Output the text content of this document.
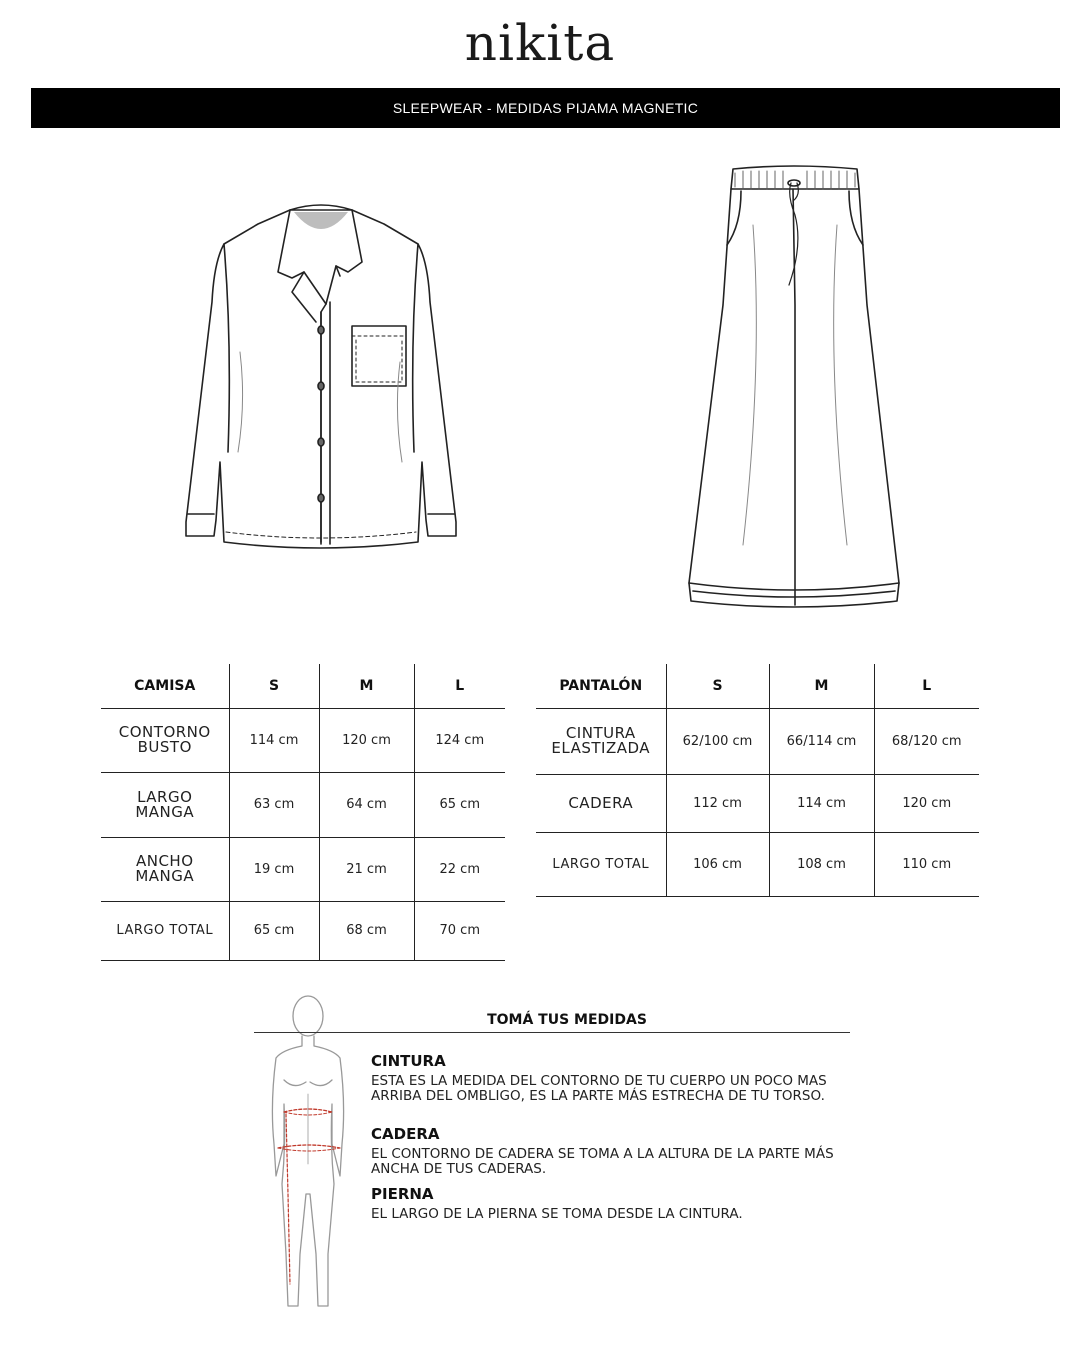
nikita
SLEEPWEAR - MEDIDAS PIJAMA MAGNETIC
CAMISA	S	M	L
CONTORNO BUSTO	114 cm	120 cm	124 cm
LARGO MANGA	63 cm	64 cm	65 cm
ANCHO MANGA	19 cm	21 cm	22 cm
LARGO TOTAL	65 cm	68 cm	70 cm
PANTALÓN	S	M	L
CINTURA ELASTIZADA	62/100 cm	66/114 cm	68/120 cm
CADERA	112 cm	114 cm	120 cm
LARGO TOTAL	106 cm	108 cm	110 cm
TOMÁ TUS MEDIDAS
CINTURA

ESTA ES LA MEDIDA DEL CONTORNO DE TU CUERPO UN POCO MAS ARRIBA DEL OMBLIGO, ES LA PARTE MÁS ESTRECHA DE TU TORSO.

CADERA

EL CONTORNO DE CADERA SE TOMA A LA ALTURA DE LA PARTE MÁS ANCHA DE TUS CADERAS.

PIERNA

EL LARGO DE LA PIERNA SE TOMA DESDE LA CINTURA.
